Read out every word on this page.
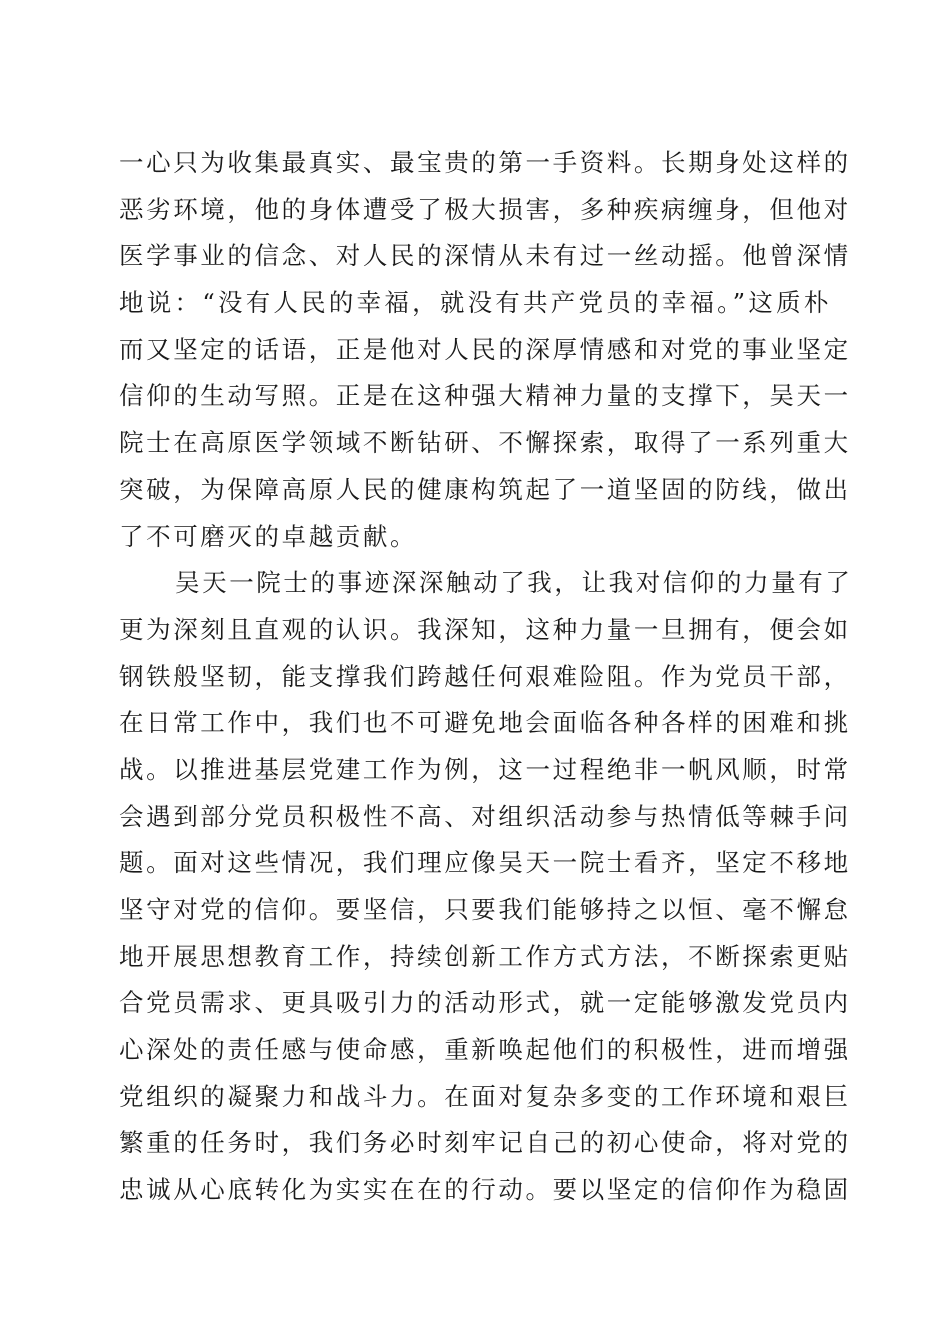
一心只为收集最真实、最宝贵的第一手资料。长期身处这样的
恶劣环境，他的身体遭受了极大损害，多种疾病缠身，但他对
医学事业的信念、对人民的深情从未有过一丝动摇。他曾深情
地说：“没有人民的幸福，就没有共产党员的幸福。”这质朴
而又坚定的话语，正是他对人民的深厚情感和对党的事业坚定
信仰的生动写照。正是在这种强大精神力量的支撑下，吴天一
院士在高原医学领域不断钻研、不懈探索，取得了一系列重大
突破，为保障高原人民的健康构筑起了一道坚固的防线，做出
了不可磨灭的卓越贡献。
吴天一院士的事迹深深触动了我，让我对信仰的力量有了
更为深刻且直观的认识。我深知，这种力量一旦拥有，便会如
钢铁般坚韧，能支撑我们跨越任何艰难险阻。作为党员干部，
在日常工作中，我们也不可避免地会面临各种各样的困难和挑
战。以推进基层党建工作为例，这一过程绝非一帆风顺，时常
会遇到部分党员积极性不高、对组织活动参与热情低等棘手问
题。面对这些情况，我们理应像吴天一院士看齐，坚定不移地
坚守对党的信仰。要坚信，只要我们能够持之以恒、毫不懈怠
地开展思想教育工作，持续创新工作方式方法，不断探索更贴
合党员需求、更具吸引力的活动形式，就一定能够激发党员内
心深处的责任感与使命感，重新唤起他们的积极性，进而增强
党组织的凝聚力和战斗力。在面对复杂多变的工作环境和艰巨
繁重的任务时，我们务必时刻牢记自己的初心使命，将对党的
忠诚从心底转化为实实在在的行动。要以坚定的信仰作为稳固
